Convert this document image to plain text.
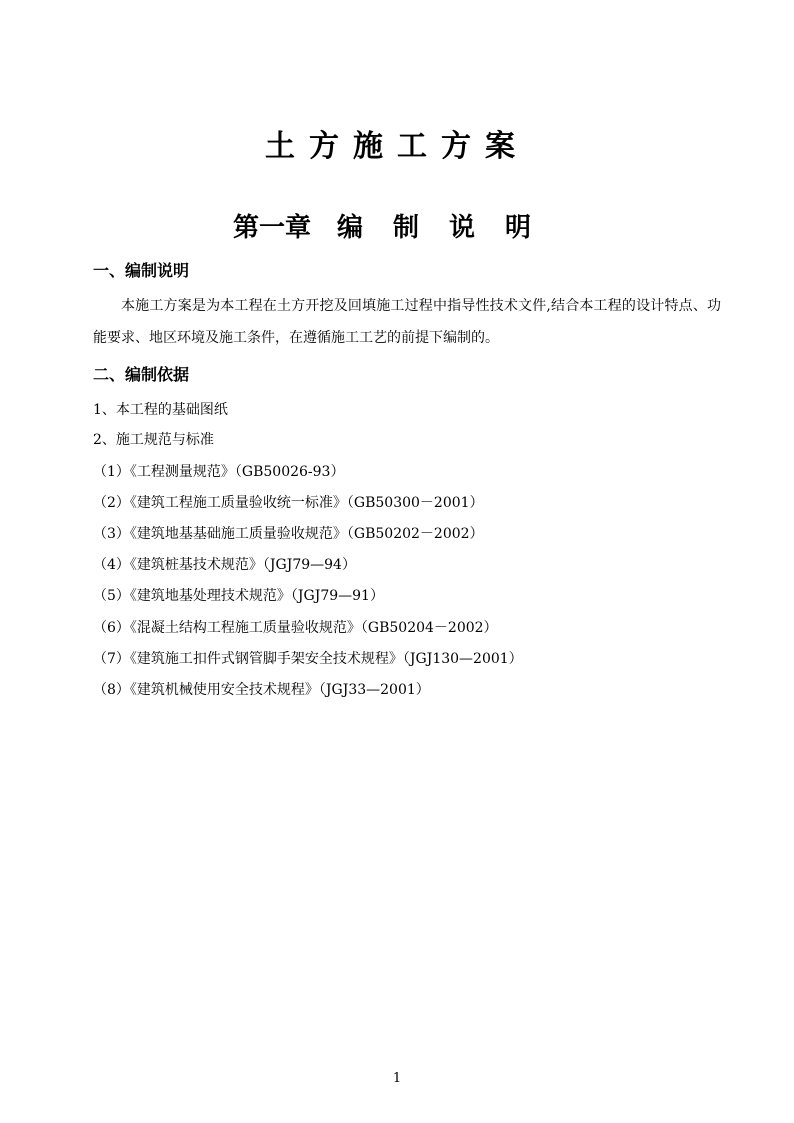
土方施工方案
第一章 编制说明
一、编制说明
本施工方案是为本工程在土方开挖及回填施工过程中指导性技术文件,结合本工程的设计特点、功能要求、地区环境及施工条件，在遵循施工工艺的前提下编制的。
二、编制依据
1、本工程的基础图纸
2、施工规范与标准
（1）《工程测量规范》（GB50026-93）
（2）《建筑工程施工质量验收统一标准》（GB50300－2001）
（3）《建筑地基基础施工质量验收规范》（GB50202－2002）
（4）《建筑桩基技术规范》（JGJ79—94）
（5）《建筑地基处理技术规范》（JGJ79—91）
（6）《混凝土结构工程施工质量验收规范》（GB50204－2002）
（7）《建筑施工扣件式钢管脚手架安全技术规程》（JGJ130—2001）
（8）《建筑机械使用安全技术规程》（JGJ33—2001）
1
